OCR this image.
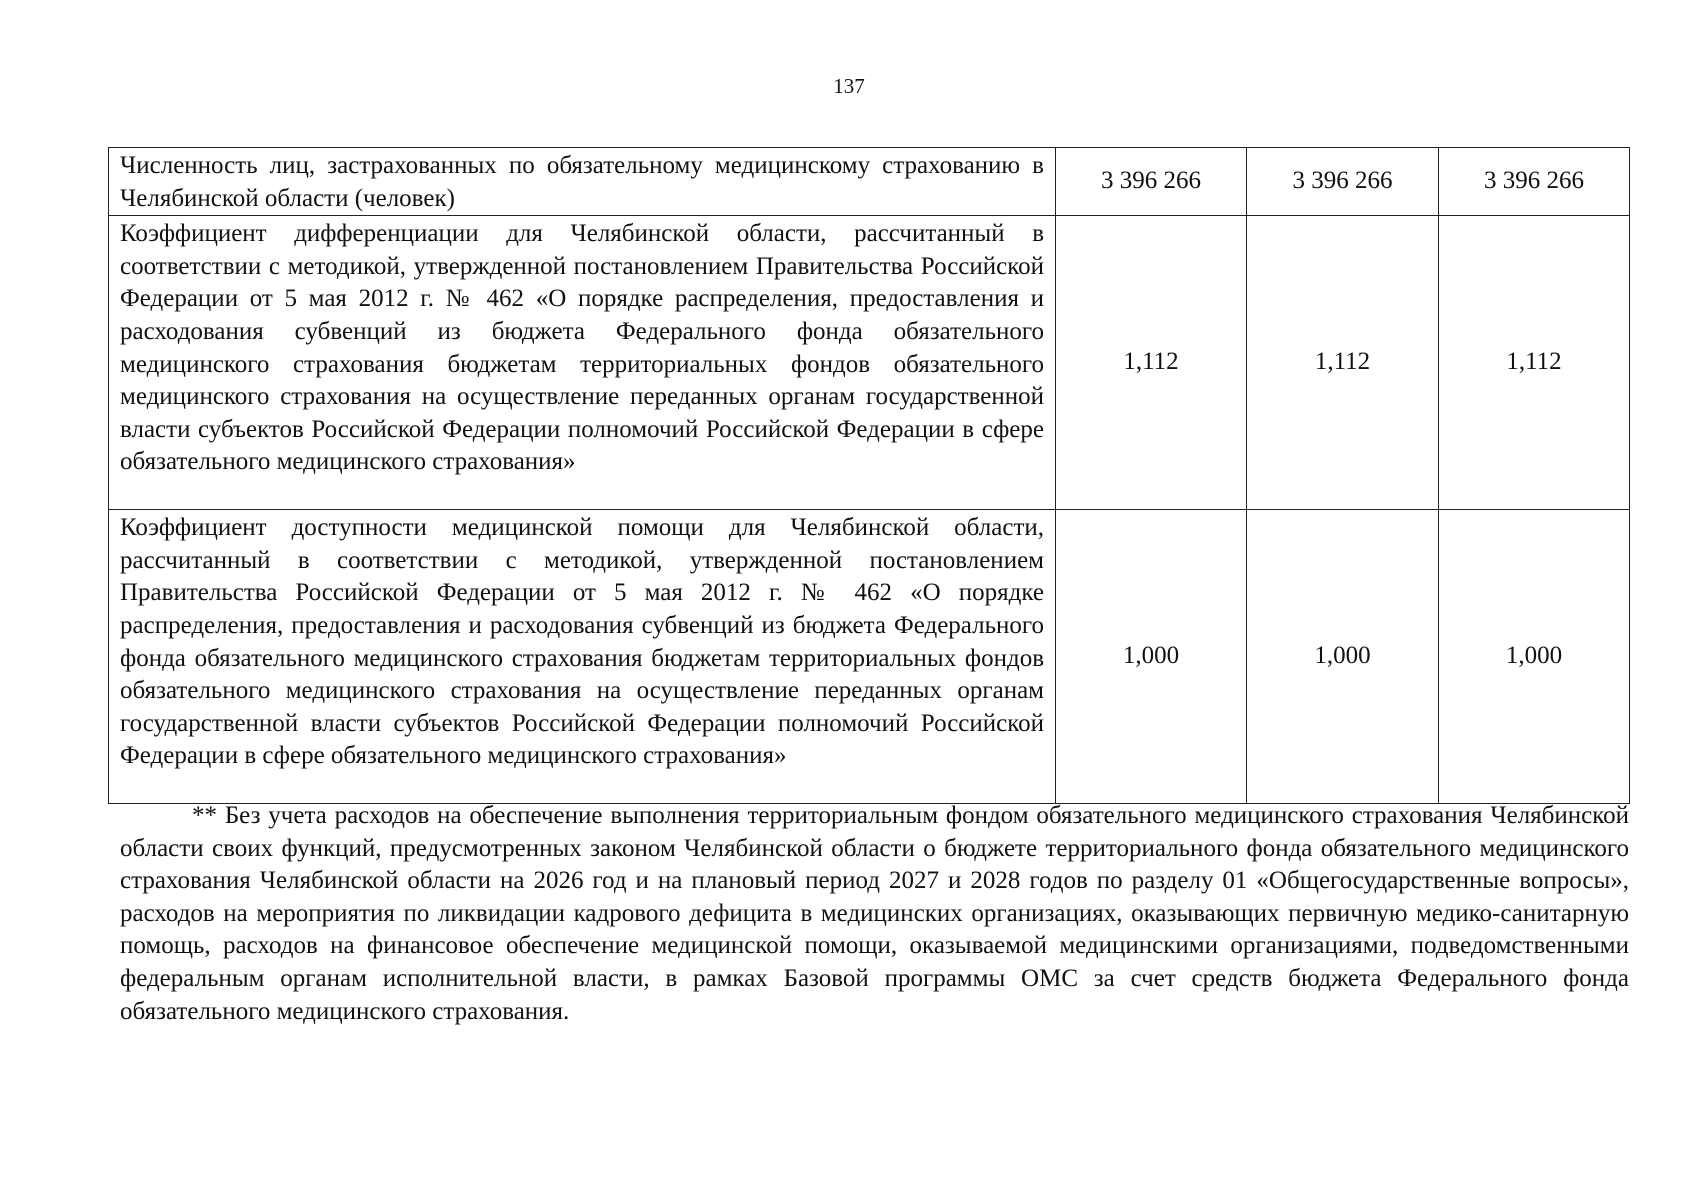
137
Численность лиц, застрахованных по обязательному медицинскому страхованию в Челябинской области (человек)	3 396 266	3 396 266	3 396 266
Коэффициент дифференциации для Челябинской области, рассчитанный в соответствии с методикой, утвержденной постановлением Правительства Российской Федерации от 5 мая 2012 г. № 462 «О порядке распределения, предоставления и расходования субвенций из бюджета Федерального фонда обязательного медицинского страхования бюджетам территориальных фондов обязательного медицинского страхования на осуществление переданных органам государственной власти субъектов Российской Федерации полномочий Российской Федерации в сфере обязательного медицинского страхования»	1,112	1,112	1,112
Коэффициент доступности медицинской помощи для Челябинской области, рассчитанный в соответствии с методикой, утвержденной постановлением Правительства Российской Федерации от 5 мая 2012 г. № 462 «О порядке распределения, предоставления и расходования субвенций из бюджета Федерального фонда обязательного медицинского страхования бюджетам территориальных фондов обязательного медицинского страхования на осуществление переданных органам государственной власти субъектов Российской Федерации полномочий Российской Федерации в сфере обязательного медицинского страхования»	1,000	1,000	1,000

** Без учета расходов на обеспечение выполнения территориальным фондом обязательного медицинского страхования Челябинской области своих функций, предусмотренных законом Челябинской области о бюджете территориального фонда обязательного медицинского страхования Челябинской области на 2026 год и на плановый период 2027 и 2028 годов по разделу 01 «Общегосударственные вопросы», расходов на мероприятия по ликвидации кадрового дефицита в медицинских организациях, оказывающих первичную медико-санитарную помощь, расходов на финансовое обеспечение медицинской помощи, оказываемой медицинскими организациями, подведомственными федеральным органам исполнительной власти, в рамках Базовой программы ОМС за счет средств бюджета Федерального фонда обязательного медицинского страхования.
